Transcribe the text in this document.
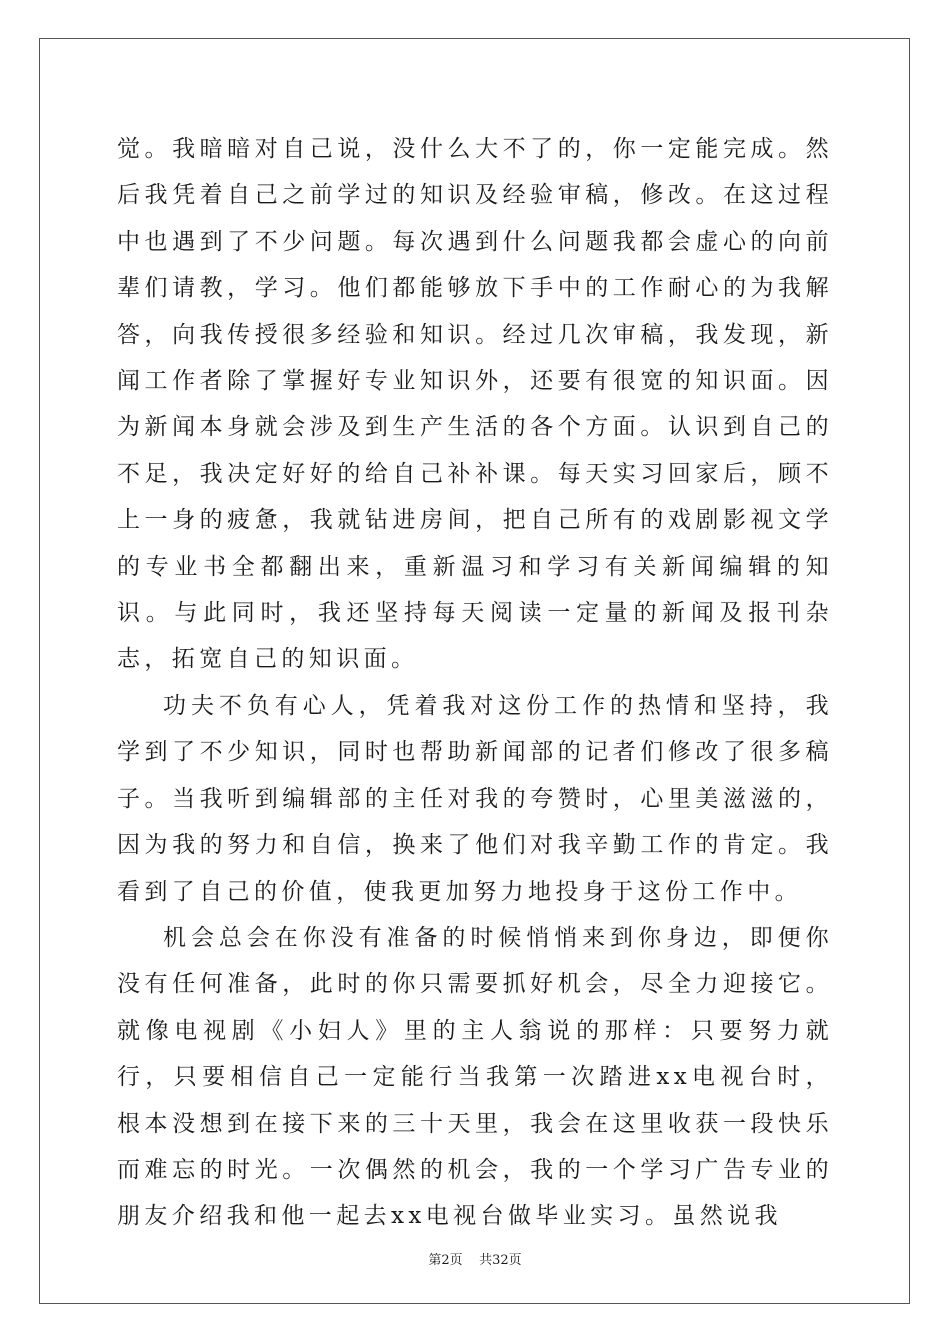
觉。我暗暗对自己说，没什么大不了的，你一定能完成。然后我凭着自己之前学过的知识及经验审稿，修改。在这过程中也遇到了不少问题。每次遇到什么问题我都会虚心的向前辈们请教，学习。他们都能够放下手中的工作耐心的为我解答，向我传授很多经验和知识。经过几次审稿，我发现，新闻工作者除了掌握好专业知识外，还要有很宽的知识面。因为新闻本身就会涉及到生产生活的各个方面。认识到自己的不足，我决定好好的给自己补补课。每天实习回家后，顾不上一身的疲惫，我就钻进房间，把自己所有的戏剧影视文学的专业书全都翻出来，重新温习和学习有关新闻编辑的知识。与此同时，我还坚持每天阅读一定量的新闻及报刊杂志，拓宽自己的知识面。

功夫不负有心人，凭着我对这份工作的热情和坚持，我学到了不少知识，同时也帮助新闻部的记者们修改了很多稿子。当我听到编辑部的主任对我的夸赞时，心里美滋滋的，因为我的努力和自信，换来了他们对我辛勤工作的肯定。我看到了自己的价值，使我更加努力地投身于这份工作中。

机会总会在你没有准备的时候悄悄来到你身边，即便你没有任何准备，此时的你只需要抓好机会，尽全力迎接它。就像电视剧《小妇人》里的主人翁说的那样：只要努力就行，只要相信自己一定能行当我第一次踏进xx电视台时，根本没想到在接下来的三十天里，我会在这里收获一段快乐而难忘的时光。一次偶然的机会，我的一个学习广告专业的朋友介绍我和他一起去xx电视台做毕业实习。虽然说我

第2页 共32页
